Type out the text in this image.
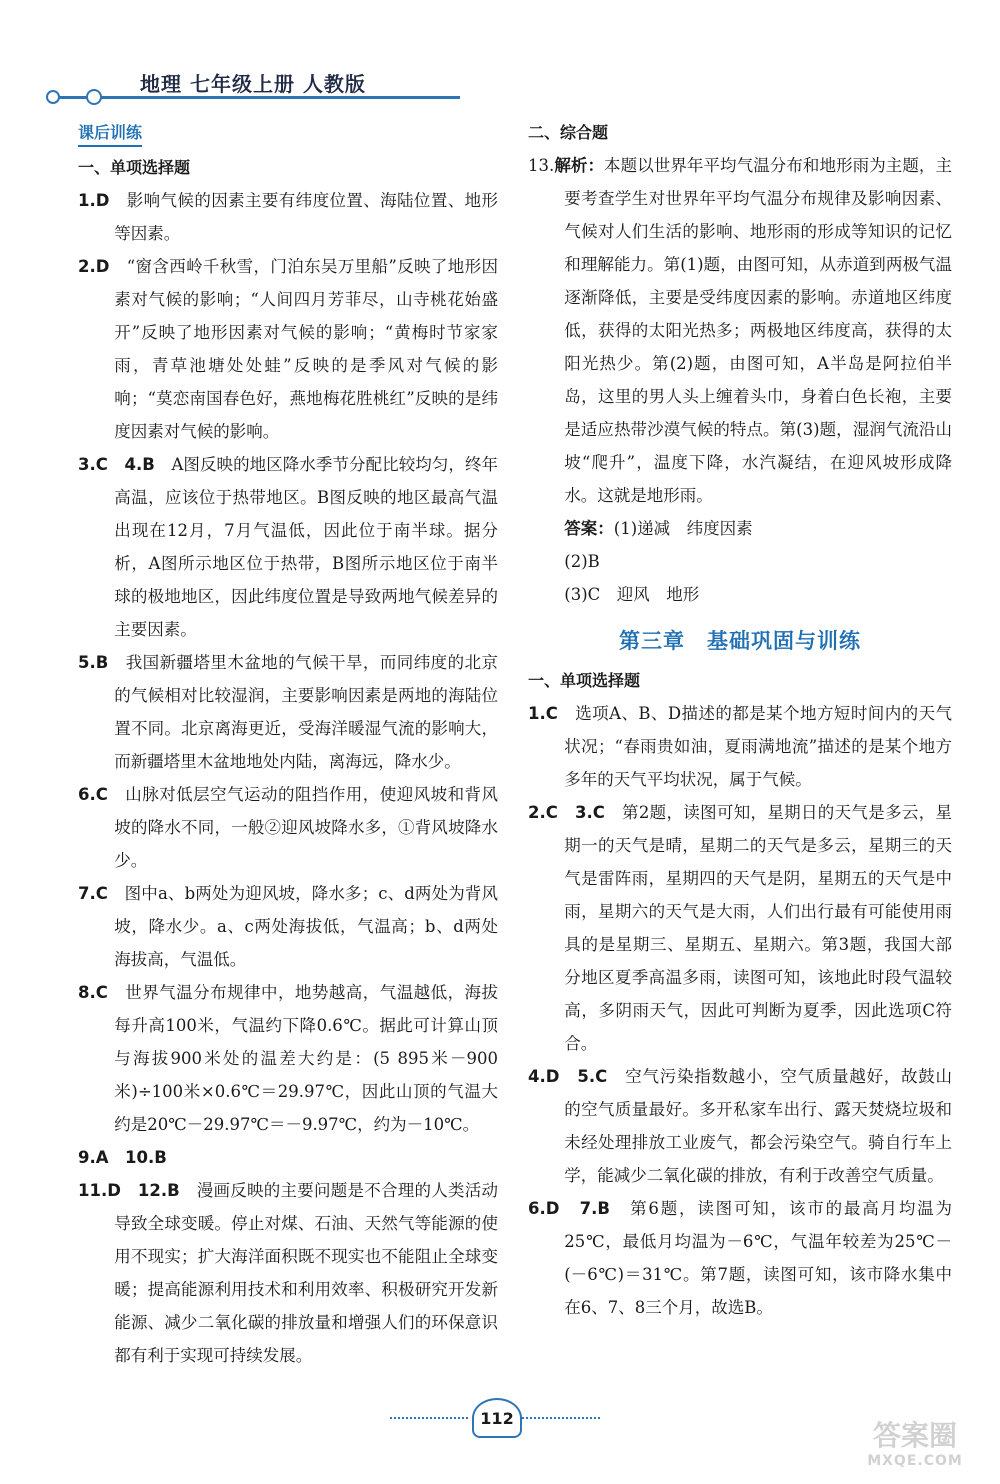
地理 七年级上册 人教版
课后训练

一、单项选择题

1.D　 影响气候的因素主要有纬度位置、海陆位置、地形等因素。

2.D　 “窗含西岭千秋雪，门泊东吴万里船”反映了地形因素对气候的影响；“人间四月芳菲尽，山寺桃花始盛开”反映了地形因素对气候的影响；“黄梅时节家家雨，青草池塘处处蛙”反映的是季风对气候的影响；“莫恋南国春色好，燕地梅花胜桃红”反映的是纬度因素对气候的影响。

3.C　4.B　 A图反映的地区降水季节分配比较均匀，终年高温，应该位于热带地区。B图反映的地区最高气温出现在12月，7月气温低，因此位于南半球。据分析，A图所示地区位于热带，B图所示地区位于南半球的极地地区，因此纬度位置是导致两地气候差异的主要因素。

5.B　 我国新疆塔里木盆地的气候干旱，而同纬度的北京的气候相对比较湿润，主要影响因素是两地的海陆位置不同。北京离海更近，受海洋暖湿气流的影响大，而新疆塔里木盆地地处内陆，离海远，降水少。

6.C　 山脉对低层空气运动的阻挡作用，使迎风坡和背风坡的降水不同，一般②迎风坡降水多，①背风坡降水少。

7.C　 图中a、b两处为迎风坡，降水多；c、d两处为背风坡，降水少。a、c两处海拔低，气温高；b、d两处海拔高，气温低。

8.C　 世界气温分布规律中，地势越高，气温越低，海拔每升高100米，气温约下降0.6℃。据此可计算山顶与海拔900米处的温差大约是：(5 895米－900米)÷100米×0.6℃＝29.97℃，因此山顶的气温大约是20℃－29.97℃＝－9.97℃，约为－10℃。

9.A　10.B　

11.D　12.B　 漫画反映的主要问题是不合理的人类活动导致全球变暖。停止对煤、石油、天然气等能源的使用不现实；扩大海洋面积既不现实也不能阻止全球变暖；提高能源利用技术和利用效率、积极研究开发新能源、减少二氧化碳的排放量和增强人们的环保意识都有利于实现可持续发展。

二、综合题

13.解析：本题以世界年平均气温分布和地形雨为主题，主要考查学生对世界年平均气温分布规律及影响因素、气候对人们生活的影响、地形雨的形成等知识的记忆和理解能力。第(1)题，由图可知，从赤道到两极气温逐渐降低，主要是受纬度因素的影响。赤道地区纬度低，获得的太阳光热多；两极地区纬度高，获得的太阳光热少。第(2)题，由图可知，A半岛是阿拉伯半岛，这里的男人头上缠着头巾，身着白色长袍，主要是适应热带沙漠气候的特点。第(3)题，湿润气流沿山坡“爬升”，温度下降，水汽凝结，在迎风坡形成降水。这就是地形雨。

答案：(1)递减　纬度因素

(2)B

(3)C　迎风　地形

第三章　基础巩固与训练

一、单项选择题

1.C　 选项A、B、D描述的都是某个地方短时间内的天气状况；“春雨贵如油，夏雨满地流”描述的是某个地方多年的天气平均状况，属于气候。

2.C　3.C　 第2题，读图可知，星期日的天气是多云，星期一的天气是晴，星期二的天气是多云，星期三的天气是雷阵雨，星期四的天气是阴，星期五的天气是中雨，星期六的天气是大雨，人们出行最有可能使用雨具的是星期三、星期五、星期六。第3题，我国大部分地区夏季高温多雨，读图可知，该地此时段气温较高，多阴雨天气，因此可判断为夏季，因此选项C符合。

4.D　5.C　 空气污染指数越小，空气质量越好，故鼓山的空气质量最好。多开私家车出行、露天焚烧垃圾和未经处理排放工业废气，都会污染空气。骑自行车上学，能减少二氧化碳的排放，有利于改善空气质量。

6.D　7.B　 第6题，读图可知，该市的最高月均温为25℃，最低月均温为－6℃，气温年较差为25℃－(－6℃)＝31℃。第7题，读图可知，该市降水集中在6、7、8三个月，故选B。

112
答案圈
MXQE.COM
